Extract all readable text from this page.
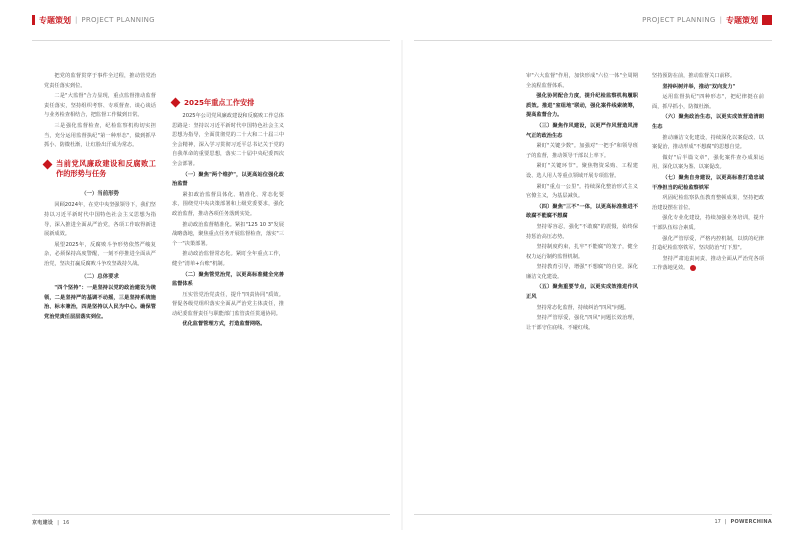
专题策划 | PROJECT PLANNING	PROJECT PLANNING | 专题策划

把党的监督贯穿于事件全过程，推动管党治党责任落实到位。

二是"大监督"合力显现，重点监督推动监督责任落实，坚持组织考察、专项督查、谈心谈话与业务检查相结合，把监督工作做到日常。

三是强化监督检查，纪检监察机构切实担当，充分运用监督执纪"第一种形态"，做到抓早抓小、防微杜渐，让红脸出汗成为常态。

当前党风廉政建设和反腐败工作的形势与任务
（一）当前形势

回顾2024年，在党中央坚强领导下，我们坚持以习近平新时代中国特色社会主义思想为指导，深入推进全面从严治党，各项工作取得新进展新成效。

展望2025年，反腐败斗争形势依然严峻复杂，必须保持高度警醒，一刻不停推进全面从严治党，坚决打赢反腐败斗争攻坚战持久战。

（二）总体要求

"四个坚持"：一是坚持以党的政治建设为统领，二是坚持严的基调不动摇，三是坚持系统施治、标本兼治，四是坚持以人民为中心。确保管党治党责任层层落实到位。

2025年重点工作安排

2025年公司党风廉政建设和反腐败工作总体思路是：坚持以习近平新时代中国特色社会主义思想为指导，全面贯彻党的二十大和二十届三中全会精神，深入学习贯彻习近平总书记关于党的自我革命的重要思想，落实二十届中央纪委四次全会部署。

（一）聚焦"两个维护"，以更高站位强化政治监督

紧扣政治监督具体化、精准化、常态化要求，围绕党中央决策部署和上级党委要求，强化政治监督，推动各项任务落到实处。

推动政治监督精准化。紧扣"125 10 3"发展战略落地，聚焦重点任务开展监督检查，落实"三个一"决策部署。

推动政治监督常态化。紧盯全年重点工作，健全"清单+台账"机制。

（二）聚焦管党治党，以更高标准健全完善监督体系

压实管党治党责任，提升"四责协同"质效。督促各级党组织落实全面从严治党主体责任，推动纪委监督责任与职能部门监管责任贯通协同。

优化监督管理方式，打造监督网络。

审"六大监督"作用，加快形成"六位一体"全周期全流程监督体系。

强化协同配合力度，提升纪检监察机构履职质效。推进"室组地"联动，强化案件线索统筹，提高监督合力。

（三）聚焦作风建设，以更严作风营造风清气正的政治生态

紧盯"关键少数"。加强对"一把手"和领导班子的监督，推动领导干部以上率下。

紧盯"关键环节"。聚焦物资采购、工程建设、选人用人等重点领域开展专项监督。

紧盯"重点一公里"。持续深化整治形式主义官僚主义，为基层减负。

（四）聚焦"三不"一体，以更高标准推进不敢腐不能腐不想腐

坚持零容忍，强化"不敢腐"的震慑，始终保持惩治高压态势。

坚持制度约束，扎牢"不能腐"的笼子，健全权力运行制约监督机制。

坚持教育引导，增强"不想腐"的自觉，深化廉洁文化建设。

（五）聚焦重要节点，以更实成效推进作风正风

坚持常态化监督，持续纠治"四风"问题。

坚持严管厚爱，强化"四风"问题长效治理，让干部守住底线、不碰红线。

坚持预防在前，推动监督关口前移。

坚持纠树并举，推动"双向发力"

运用监督执纪"四种形态"，把纪律挺在前面，抓早抓小，防微杜渐。

（六）聚焦政治生态，以更实成效营造清朗生态

推动廉洁文化建设，持续深化以案促改、以案促治，推动形成"不想腐"的思想自觉。

做好"后半篇文章"，强化案件查办成果运用，深化以案为鉴、以案促改。

（七）聚焦自身建设，以更高标准打造忠诚干净担当的纪检监察铁军

巩固纪检监察队伍教育整顿成果，坚持把政治建设摆在首位。

强化专业化建设，持续加强业务培训，提升干部队伍综合素质。

强化严管厚爱，严格内控机制，以铁的纪律打造纪检监察铁军，坚决防治"灯下黑"。

坚持严肃追责问责，推动全面从严治党各项工作落地见效。

京电建设 | 16	17 | POWERCHINA
